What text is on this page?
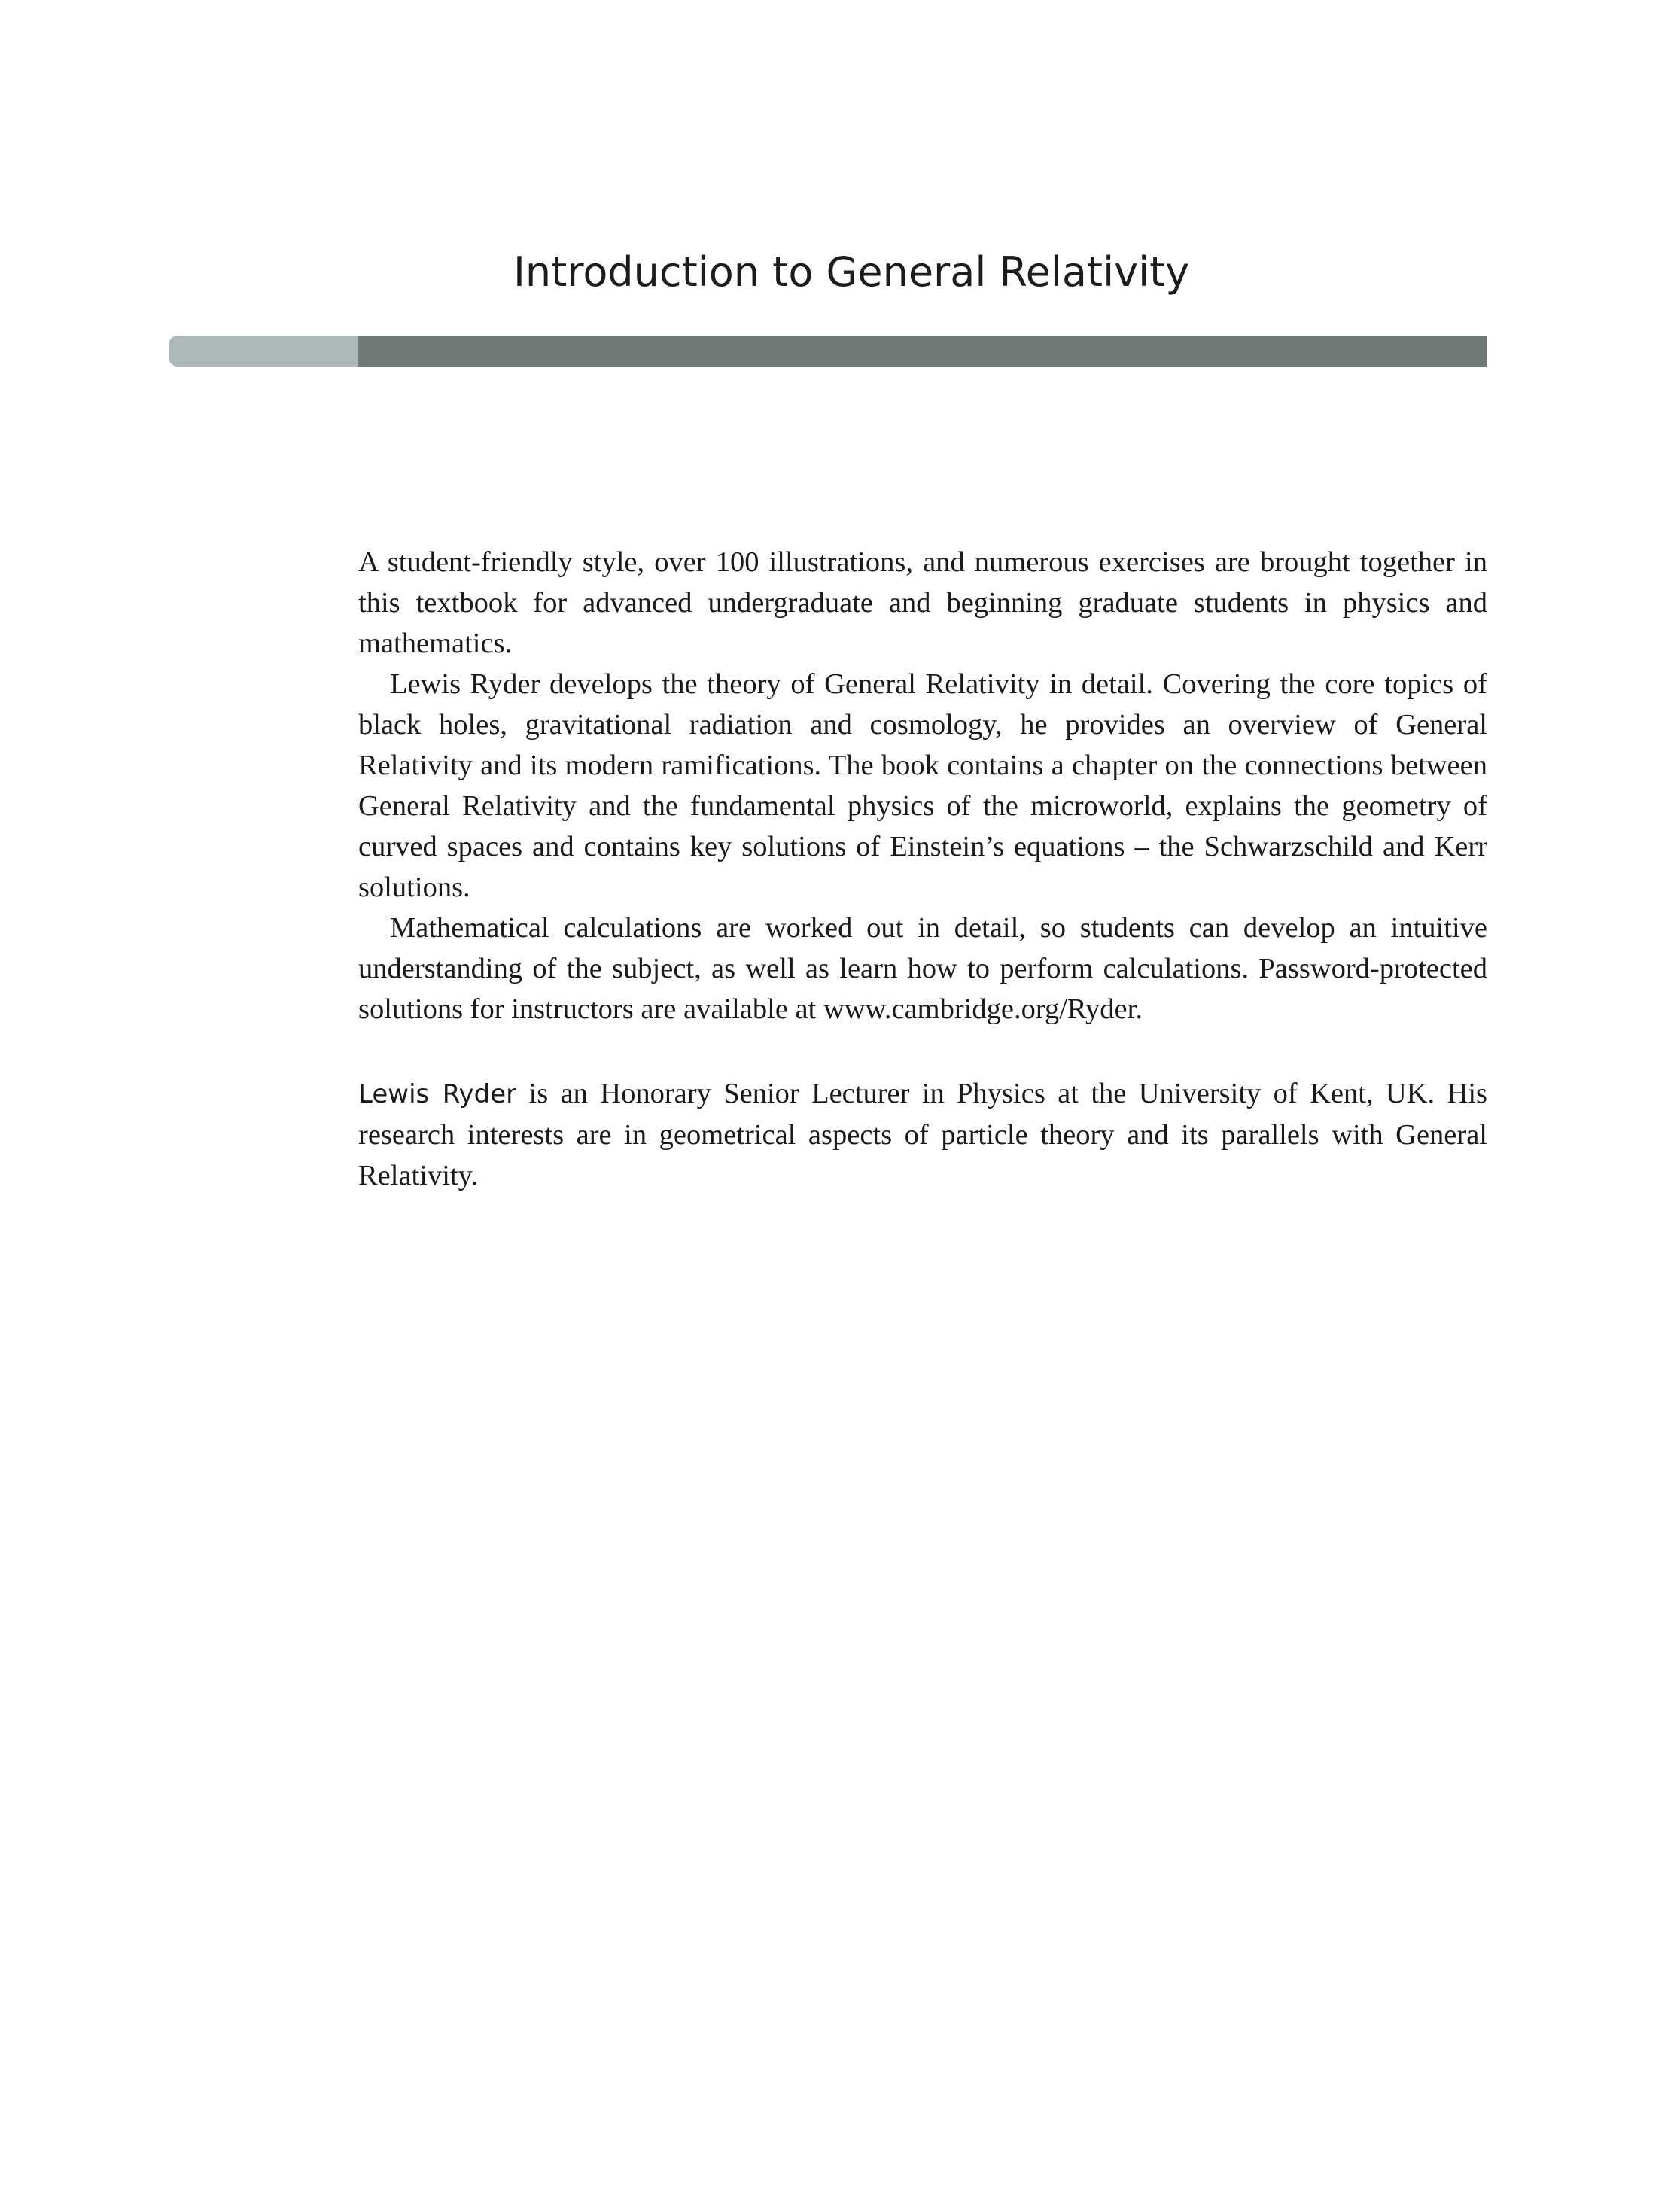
Introduction to General Relativity

A student-friendly style, over 100 illustrations, and numerous exercises are brought together in this textbook for advanced undergraduate and beginning graduate students in physics and mathematics.

Lewis Ryder develops the theory of General Relativity in detail. Covering the core topics of black holes, gravitational radiation and cosmology, he provides an overview of General Relativity and its modern ramifications. The book contains a chapter on the connections between General Relativity and the fundamental physics of the microworld, explains the geometry of curved spaces and contains key solutions of Einstein’s equations – the Schwarzschild and Kerr solutions.

Mathematical calculations are worked out in detail, so students can develop an intuitive understanding of the subject, as well as learn how to perform calculations. Password-protected solutions for instructors are available at www.cambridge.org/Ryder.

Lewis Ryder is an Honorary Senior Lecturer in Physics at the University of Kent, UK. His research interests are in geometrical aspects of particle theory and its parallels with General Relativity.
